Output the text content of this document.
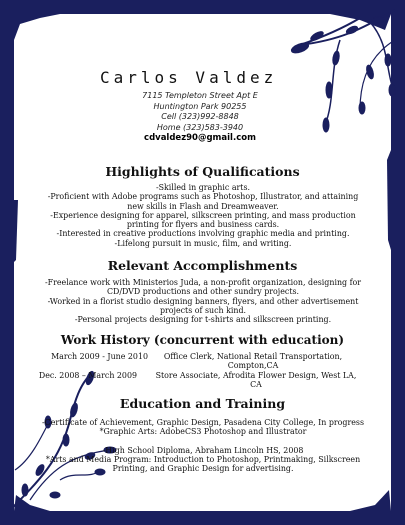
Carlos Valdez
7115 Templeton Street Apt E
Huntington Park 90255
Cell (323)992-8848
Home (323)583-3940
cdvaldez90@gmail.com
Highlights of Qualifications
-Skilled in graphic arts.
-Proficient with Adobe programs such as Photoshop, Illustrator, and attaining
new skills in Flash and Dreamweaver.
-Experience designing for apparel, silkscreen printing, and mass production
printing for flyers and business cards.
-Interested in creative productions involving graphic media and printing.
-Lifelong pursuit in music, film, and writing.
Relevant Accomplishments
-Freelance work with Ministerios Juda, a non-profit organization, designing for
CD/DVD productions and other sundry projects.
-Worked in a florist studio designing banners, flyers, and other advertisement
projects of such kind.
-Personal projects designing for t-shirts and silkscreen printing.
Work History (concurrent with education)
March 2009 - June 2010 Office Clerk, National Retail Transportation,
Compton,CA
Dec. 2008 – March 2009	Store Associate, Afrodita Flower Design, West LA,
CA
Education and Training
-Certificate of Achievement, Graphic Design, Pasadena City College, In progress
*Graphic Arts: AdobeCS3 Photoshop and Illustrator

-High School Diploma, Abraham Lincoln HS, 2008
*Arts and Media Program: Introduction to Photoshop, Printmaking, Silkscreen
Printing, and Graphic Design for advertising.
